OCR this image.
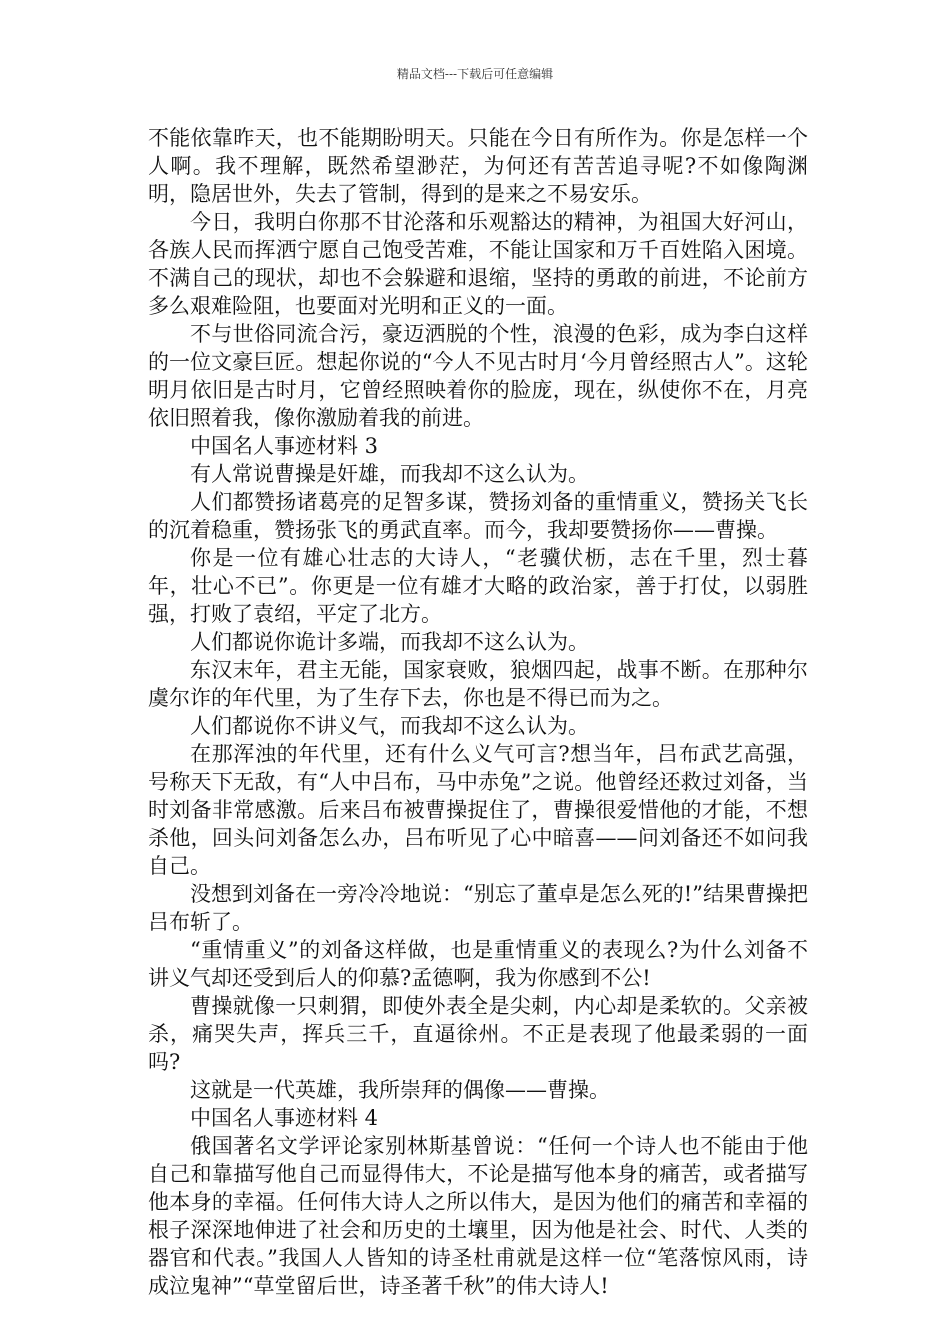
精品文档---下载后可任意编辑

不能依靠昨天，也不能期盼明天。只能在今日有所作为。你是怎样一个人啊。我不理解，既然希望渺茫，为何还有苦苦追寻呢?不如像陶渊明，隐居世外，失去了管制，得到的是来之不易安乐。

今日，我明白你那不甘沦落和乐观豁达的精神，为祖国大好河山，各族人民而挥洒宁愿自己饱受苦难，不能让国家和万千百姓陷入困境。不满自己的现状，却也不会躲避和退缩，坚持的勇敢的前进，不论前方多么艰难险阻，也要面对光明和正义的一面。

不与世俗同流合污，豪迈洒脱的个性，浪漫的色彩，成为李白这样的一位文豪巨匠。想起你说的“今人不见古时月‘今月曾经照古人”。这轮明月依旧是古时月，它曾经照映着你的脸庞，现在，纵使你不在，月亮依旧照着我，像你激励着我的前进。

中国名人事迹材料 3

有人常说曹操是奸雄，而我却不这么认为。

人们都赞扬诸葛亮的足智多谋，赞扬刘备的重情重义，赞扬关飞长的沉着稳重，赞扬张飞的勇武直率。而今，我却要赞扬你——曹操。

你是一位有雄心壮志的大诗人，“老骥伏枥，志在千里，烈士暮年，壮心不已”。你更是一位有雄才大略的政治家，善于打仗，以弱胜强，打败了袁绍，平定了北方。

人们都说你诡计多端，而我却不这么认为。

东汉末年，君主无能，国家衰败，狼烟四起，战事不断。在那种尔虞尔诈的年代里，为了生存下去，你也是不得已而为之。

人们都说你不讲义气，而我却不这么认为。

在那浑浊的年代里，还有什么义气可言?想当年，吕布武艺高强，号称天下无敌，有“人中吕布，马中赤兔”之说。他曾经还救过刘备，当时刘备非常感激。后来吕布被曹操捉住了，曹操很爱惜他的才能，不想杀他，回头问刘备怎么办，吕布听见了心中暗喜——问刘备还不如问我自己。

没想到刘备在一旁冷冷地说：“别忘了董卓是怎么死的!”结果曹操把吕布斩了。

“重情重义”的刘备这样做，也是重情重义的表现么?为什么刘备不讲义气却还受到后人的仰慕?孟德啊，我为你感到不公!

曹操就像一只刺猬，即使外表全是尖刺，内心却是柔软的。父亲被杀，痛哭失声，挥兵三千，直逼徐州。不正是表现了他最柔弱的一面吗?

这就是一代英雄，我所崇拜的偶像——曹操。

中国名人事迹材料 4

俄国著名文学评论家别林斯基曾说：“任何一个诗人也不能由于他自己和靠描写他自己而显得伟大，不论是描写他本身的痛苦，或者描写他本身的幸福。任何伟大诗人之所以伟大，是因为他们的痛苦和幸福的根子深深地伸进了社会和历史的土壤里，因为他是社会、时代、人类的器官和代表。”我国人人皆知的诗圣杜甫就是这样一位“笔落惊风雨，诗成泣鬼神”“草堂留后世，诗圣著千秋”的伟大诗人!
